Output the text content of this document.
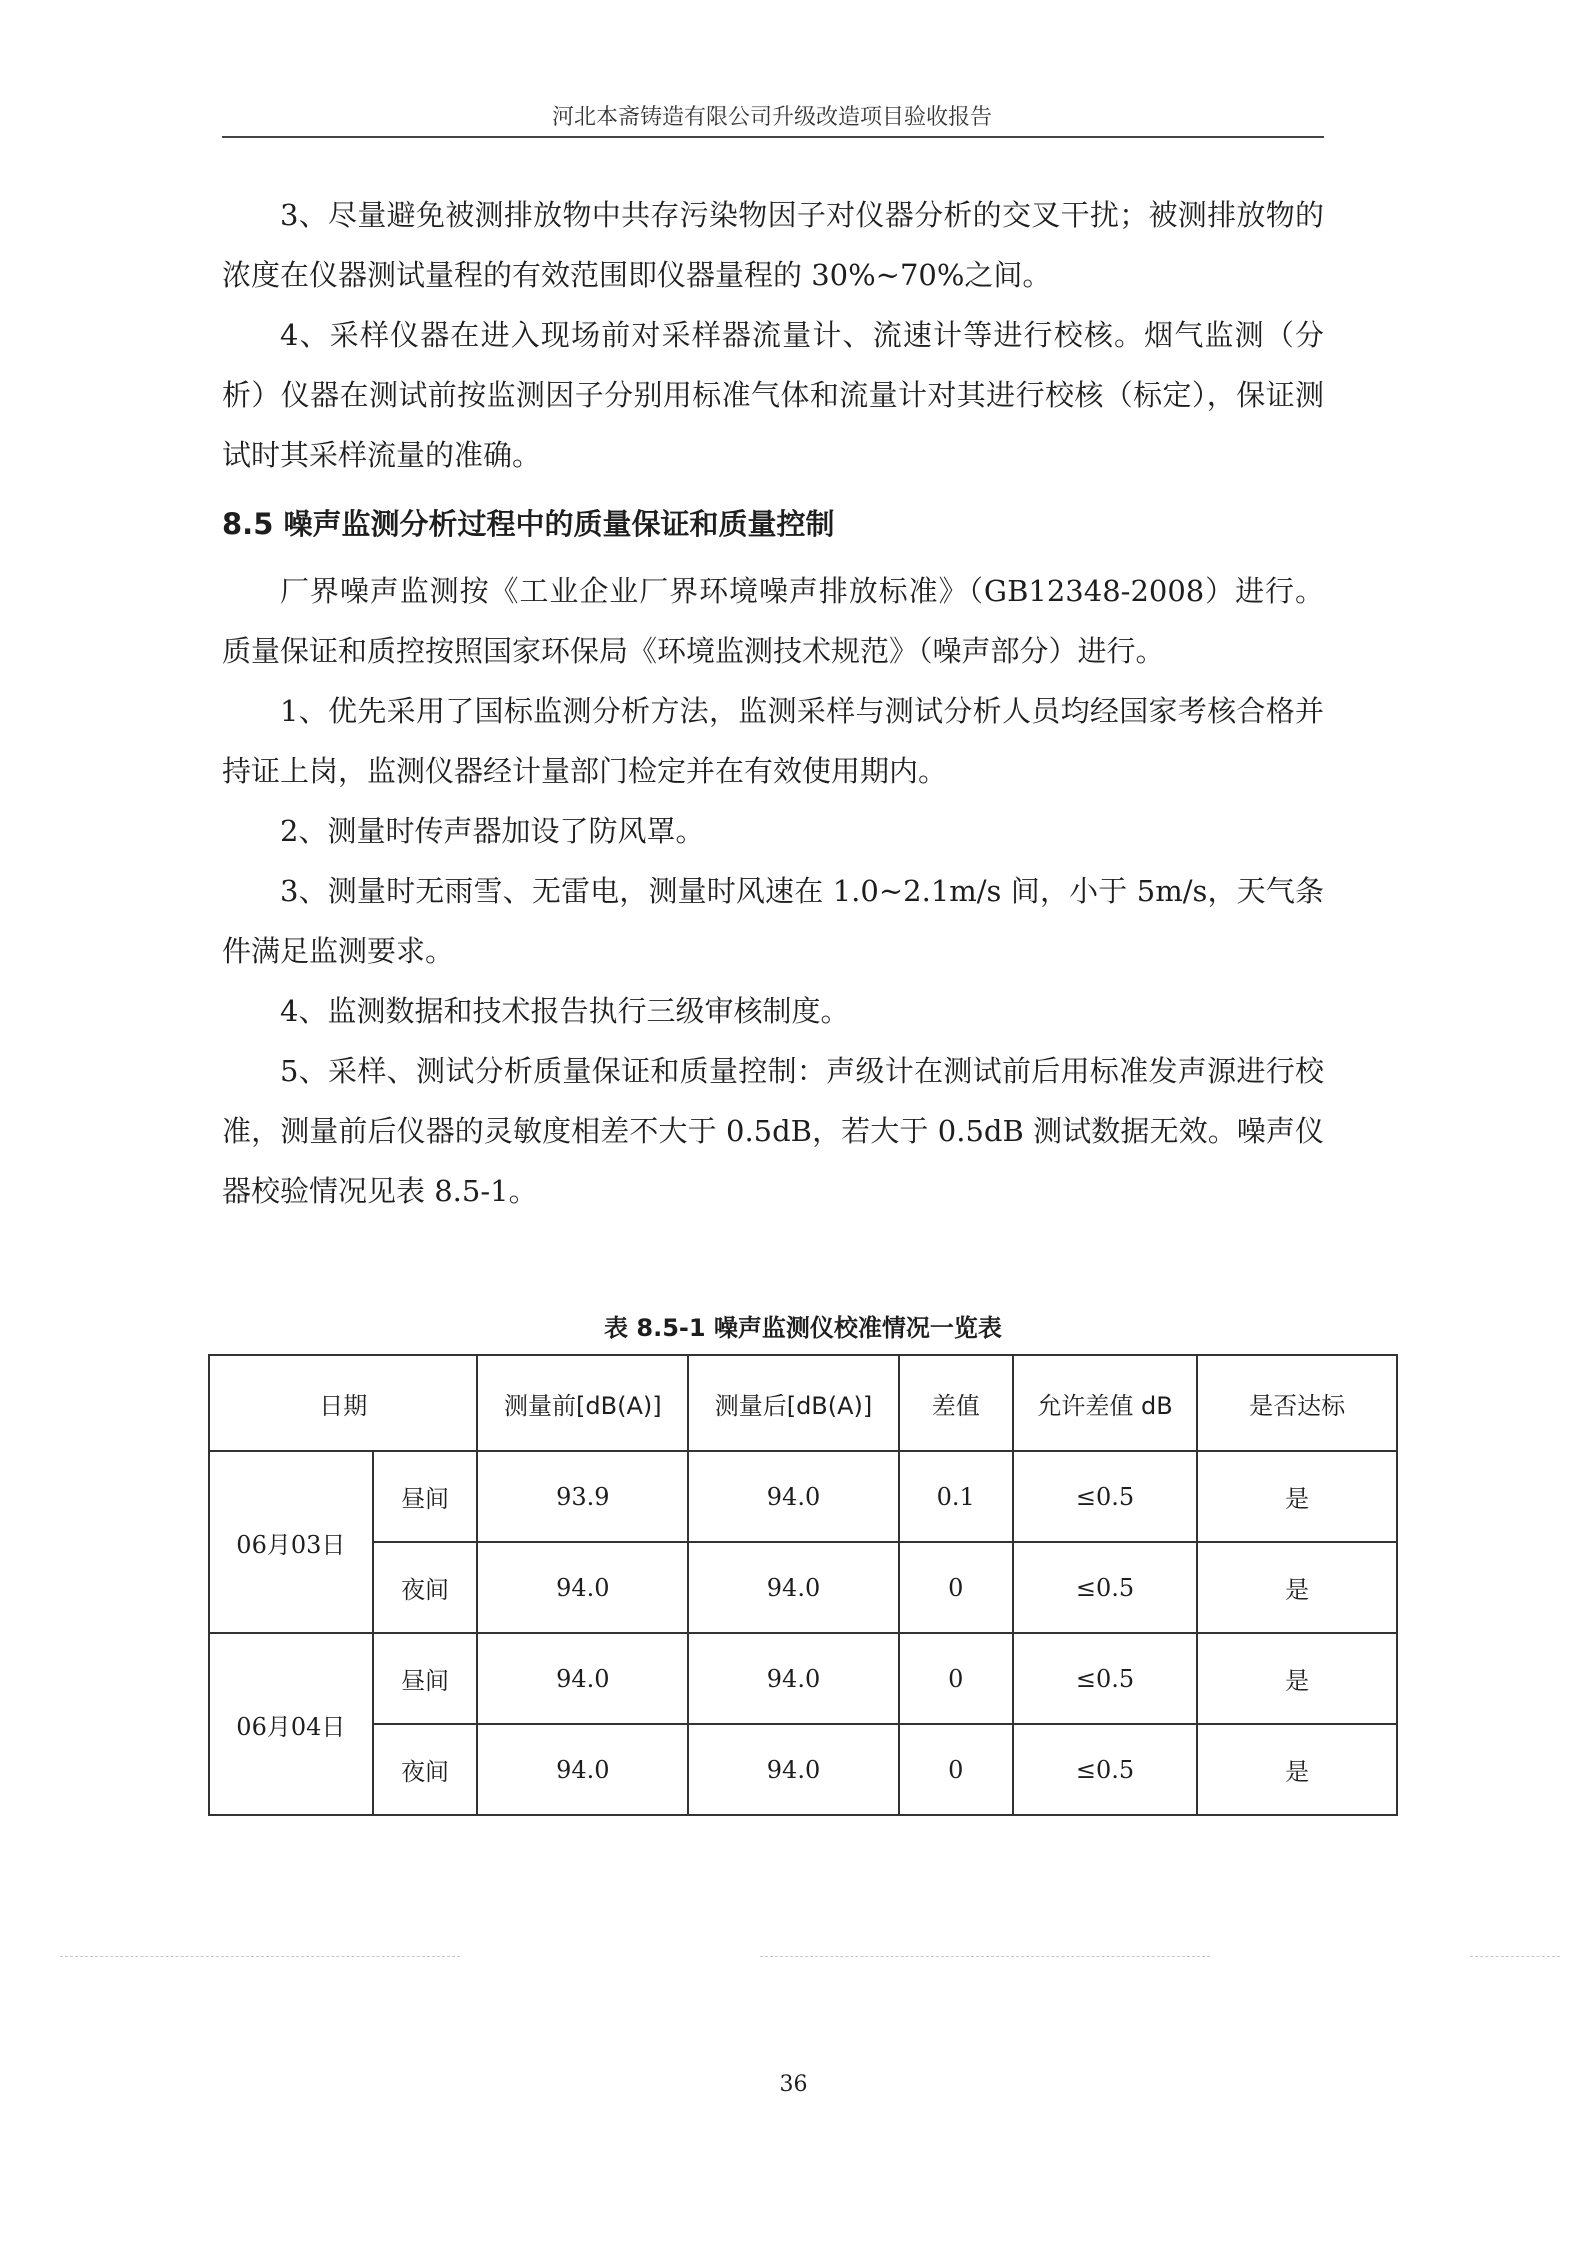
河北本斋铸造有限公司升级改造项目验收报告

3、尽量避免被测排放物中共存污染物因子对仪器分析的交叉干扰；被测排放物的浓度在仪器测试量程的有效范围即仪器量程的 30%~70%之间。

4、采样仪器在进入现场前对采样器流量计、流速计等进行校核。烟气监测（分析）仪器在测试前按监测因子分别用标准气体和流量计对其进行校核（标定），保证测试时其采样流量的准确。

8.5 噪声监测分析过程中的质量保证和质量控制

厂界噪声监测按《工业企业厂界环境噪声排放标准》（GB12348-2008）进行。质量保证和质控按照国家环保局《环境监测技术规范》（噪声部分）进行。

1、优先采用了国标监测分析方法，监测采样与测试分析人员均经国家考核合格并持证上岗，监测仪器经计量部门检定并在有效使用期内。

2、测量时传声器加设了防风罩。

3、测量时无雨雪、无雷电，测量时风速在 1.0~2.1m/s 间，小于 5m/s，天气条件满足监测要求。

4、监测数据和技术报告执行三级审核制度。

5、采样、测试分析质量保证和质量控制：声级计在测试前后用标准发声源进行校准，测量前后仪器的灵敏度相差不大于 0.5dB，若大于 0.5dB 测试数据无效。噪声仪器校验情况见表 8.5-1。

表 8.5-1 噪声监测仪校准情况一览表
日期		测量前[dB(A)]	测量后[dB(A)]	差值	允许差值 dB	是否达标
06月03日	昼间	93.9	94.0	0.1	≤0.5	是
	夜间	94.0	94.0	0	≤0.5	是
06月04日	昼间	94.0	94.0	0	≤0.5	是
	夜间	94.0	94.0	0	≤0.5	是
36
